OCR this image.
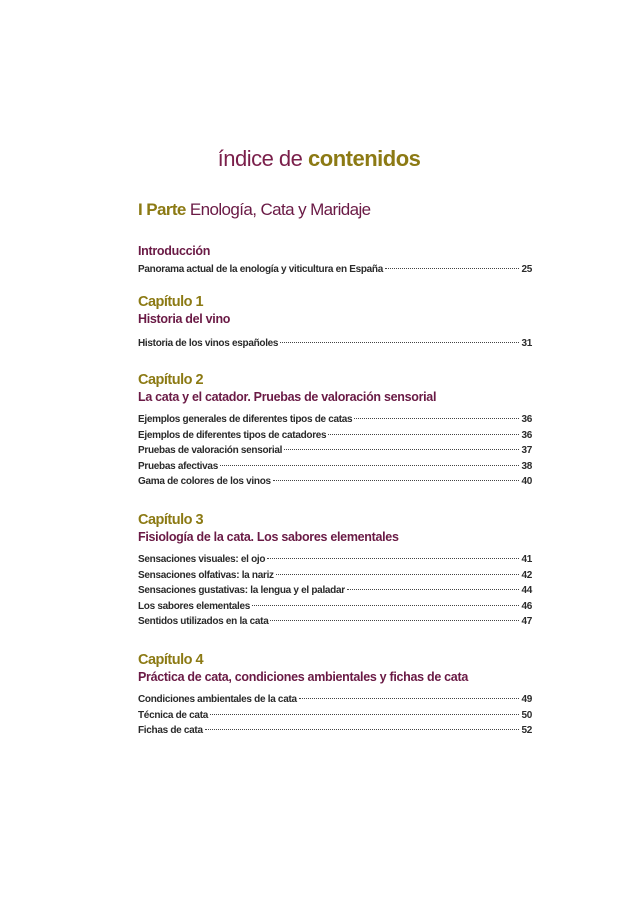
índice de contenidos
I Parte Enología, Cata y Maridaje
Introducción
Panorama actual de la enología y viticultura en España	25
Capítulo 1
Historia del vino
Historia de los vinos españoles	31
Capítulo 2
La cata y el catador. Pruebas de valoración sensorial
Ejemplos generales de diferentes tipos de catas	36
Ejemplos de diferentes tipos de catadores	36
Pruebas de valoración sensorial	37
Pruebas afectivas	38
Gama de colores de los vinos	40
Capítulo 3
Fisiología de la cata. Los sabores elementales
Sensaciones visuales: el ojo	41
Sensaciones olfativas: la nariz	42
Sensaciones gustativas: la lengua y el paladar	44
Los sabores elementales	46
Sentidos utilizados en la cata	47
Capítulo 4
Práctica de cata, condiciones ambientales y fichas de cata
Condiciones ambientales de la cata	49
Técnica de cata	50
Fichas de cata	52
